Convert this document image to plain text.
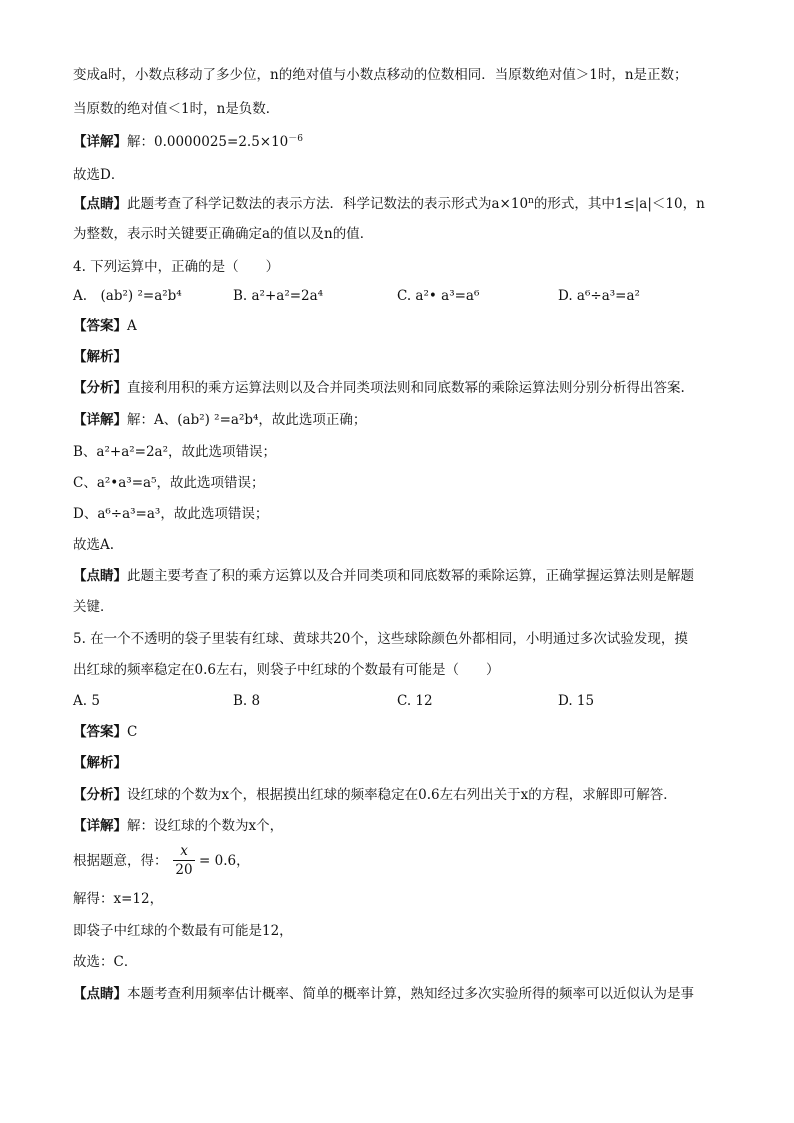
变成a时，小数点移动了多少位，n的绝对值与小数点移动的位数相同．当原数绝对值＞1时，n是正数；
当原数的绝对值＜1时，n是负数．
【详解】解：$0.0000025=2.5\times 10^{-6}$
故选D．
【点睛】此题考查了科学记数法的表示方法．科学记数法的表示形式为$a\times 10^n$的形式，其中1≤|a|＜10，n
为整数，表示时关键要正确确定a的值以及n的值．
4. 下列运算中，正确的是（　　）
A.　(ab²) ²=a²b⁴	B. a²+a²=2a⁴	C. a²• a³=a⁶	D. a⁶÷a³=a²
【答案】A
【解析】
【分析】直接利用积的乘方运算法则以及合并同类项法则和同底数幂的乘除运算法则分别分析得出答案.
【详解】解：A、(ab²) ²=a²b⁴，故此选项正确；
B、a²+a²=2a²，故此选项错误；
C、a²•a³=a⁵，故此选项错误；
D、a⁶÷a³=a³，故此选项错误；
故选A.
【点睛】此题主要考查了积的乘方运算以及合并同类项和同底数幂的乘除运算，正确掌握运算法则是解题
关键．
5. 在一个不透明的袋子里装有红球、黄球共20个，这些球除颜色外都相同，小明通过多次试验发现，摸
出红球的频率稳定在0.6左右，则袋子中红球的个数最有可能是（　　）
A. 5	B. 8	C. 12	D. 15
【答案】C
【解析】
【分析】设红球的个数为x个，根据摸出红球的频率稳定在0.6左右列出关于x的方程，求解即可解答．
【详解】解：设红球的个数为x个，
根据题意，得：
x
20
= 0.6，
解得：x=12，
即袋子中红球的个数最有可能是12，
故选：C．
【点睛】本题考查利用频率估计概率、简单的概率计算，熟知经过多次实验所得的频率可以近似认为是事
